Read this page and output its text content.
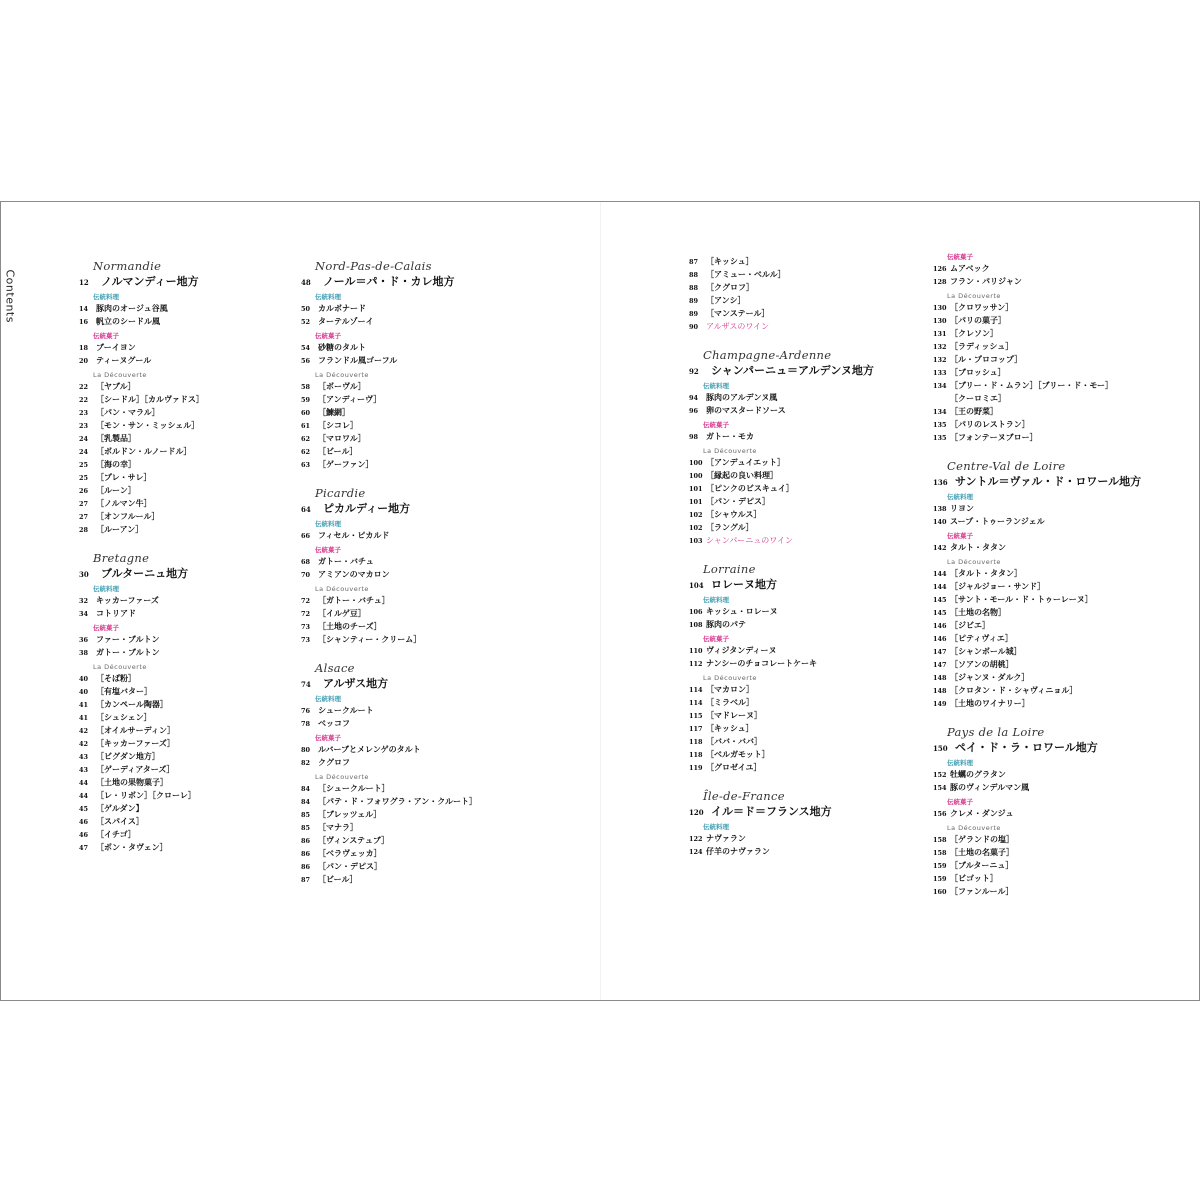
Contents
Normandie
12 ノルマンディー地方
伝統料理
14 豚肉のオージュ谷風
16 帆立のシードル風
伝統菓子
18 ブーイヨン
20 ティーヌグール
La Découverte
22 ［ヤブル］
22 ［シードル］［カルヴァドス］
23 ［パン・マラル］
23 ［モン・サン・ミッシェル］
24 ［乳製品］
24 ［ボルドン・ルノードル］
25 ［海の幸］
25 ［プレ・サレ］
26 ［ルーン］
27 ［ノルマン牛］
27 ［オンフルール］
28 ［ルーアン］
Bretagne
30 ブルターニュ地方
伝統料理
32 キッカーファーズ
34 コトリアド
伝統菓子
36 ファー・ブルトン
38 ガトー・ブルトン
La Découverte
40 ［そば粉］
40 ［有塩バター］
41 ［カンペール陶器］
41 ［シュシェン］
42 ［オイルサーディン］
42 ［キッカーファーズ］
43 ［ビグダン地方］
43 ［ゲーディアターズ］
44 ［土地の果物菓子］
44 ［レ・リボン］［クローレ］
45 ［ゲルダン】
46 ［スパイス］
46 ［イチゴ］
47 ［ポン・タヴェン］
Nord-Pas-de-Calais
48 ノール＝パ・ド・カレ地方
伝統料理
50 カルボナード
52 ターテルゾーイ
伝統菓子
54 砂糖のタルト
56 フランドル風ゴーフル
La Découverte
58 ［ボーヴル］
59 ［アンディーヴ］
60 ［鰊網］
61 ［シコレ］
62 ［マロワル］
62 ［ビール］
63 ［ゲーファン］
Picardie
64 ピカルディー地方
伝統料理
66 フィセル・ピカルド
伝統菓子
68 ガトー・バチュ
70 アミアンのマカロン
La Découverte
72 ［ガトー・バチュ］
72 ［イルゲ豆］
73 ［土地のチーズ］
73 ［シャンティー・クリーム］
Alsace
74 アルザス地方
伝統料理
76 シュークルート
78 ベッコフ
伝統菓子
80 ルバーブとメレンゲのタルト
82 クグロフ
La Découverte
84 ［シュークルート］
84 ［パテ・ド・フォワグラ・アン・クルート］
85 ［ブレッツェル］
85 ［マナラ］
86 ［ヴィンステュブ］
86 ［ベラヴェッカ］
86 ［パン・デピス］
87 ［ビール］
87 ［キッシュ］
88 ［アミュー・ベルル］
88 ［クグロフ］
89 ［アンシ］
89 ［マンステール］
90 アルザスのワイン
Champagne-Ardenne
92 シャンパーニュ＝アルデンヌ地方
伝統料理
94 豚肉のアルデンヌ風
96 卵のマスタードソース
伝統菓子
98 ガトー・モカ
La Découverte
100 ［アンデュイエット］
100 ［縁起の良い料理］
101 ［ピンクのビスキュイ］
101 ［パン・デピス］
102 ［シャウルス］
102 ［ラングル］
103 シャンパーニュのワイン
Lorraine
104 ロレーヌ地方
伝統料理
106 キッシュ・ロレーヌ
108 豚肉のパテ
伝統菓子
110 ヴィジタンディーヌ
112 ナンシーのチョコレートケーキ
La Découverte
114 ［マカロン］
114 ［ミラベル］
115 ［マドレーヌ］
117 ［キッシュ］
118 ［ババ・ババ］
118 ［ベルガモット］
119 ［グロゼイユ］
Île-de-France
120 イル＝ド＝フランス地方
伝統料理
122 ナヴァラン
124 仔羊のナヴァラン
伝統菓子
126 ムアベック
128 フラン・パリジャン
La Découverte
130 ［クロワッサン］
130 ［パリの菓子］
131 ［クレソン］
132 ［ラディッシュ］
132 ［ル・プロコップ］
133 ［ブロッシュ］
134 ［ブリー・ド・ムラン］［ブリー・ド・モー］
［クーロミエ］
134 ［王の野菜］
135 ［パリのレストラン］
135 ［フォンテーヌブロー］
Centre-Val de Loire
136 サントル＝ヴァル・ド・ロワール地方
伝統料理
138 リヨン
140 スープ・トゥーランジェル
伝統菓子
142 タルト・タタン
La Découverte
144 ［タルト・タタン］
144 ［ジャルジョー・サンド］
145 ［サント・モール・ド・トゥーレーヌ］
145 ［土地の名物］
146 ［ジビエ］
146 ［ピティヴィエ］
147 ［シャンボール城］
147 ［ソアンの胡桃］
148 ［ジャンヌ・ダルク］
148 ［クロタン・ド・シャヴィニョル］
149 ［土地のワイナリー］
Pays de la Loire
150 ペイ・ド・ラ・ロワール地方
伝統料理
152 牡蠣のグラタン
154 豚のヴィンデルマン風
伝統菓子
156 クレメ・ダンジュ
La Découverte
158 ［ゲランドの塩］
158 ［土地の名菓子］
159 ［ブルターニュ］
159 ［ビゴット］
160 ［ファンルール］
